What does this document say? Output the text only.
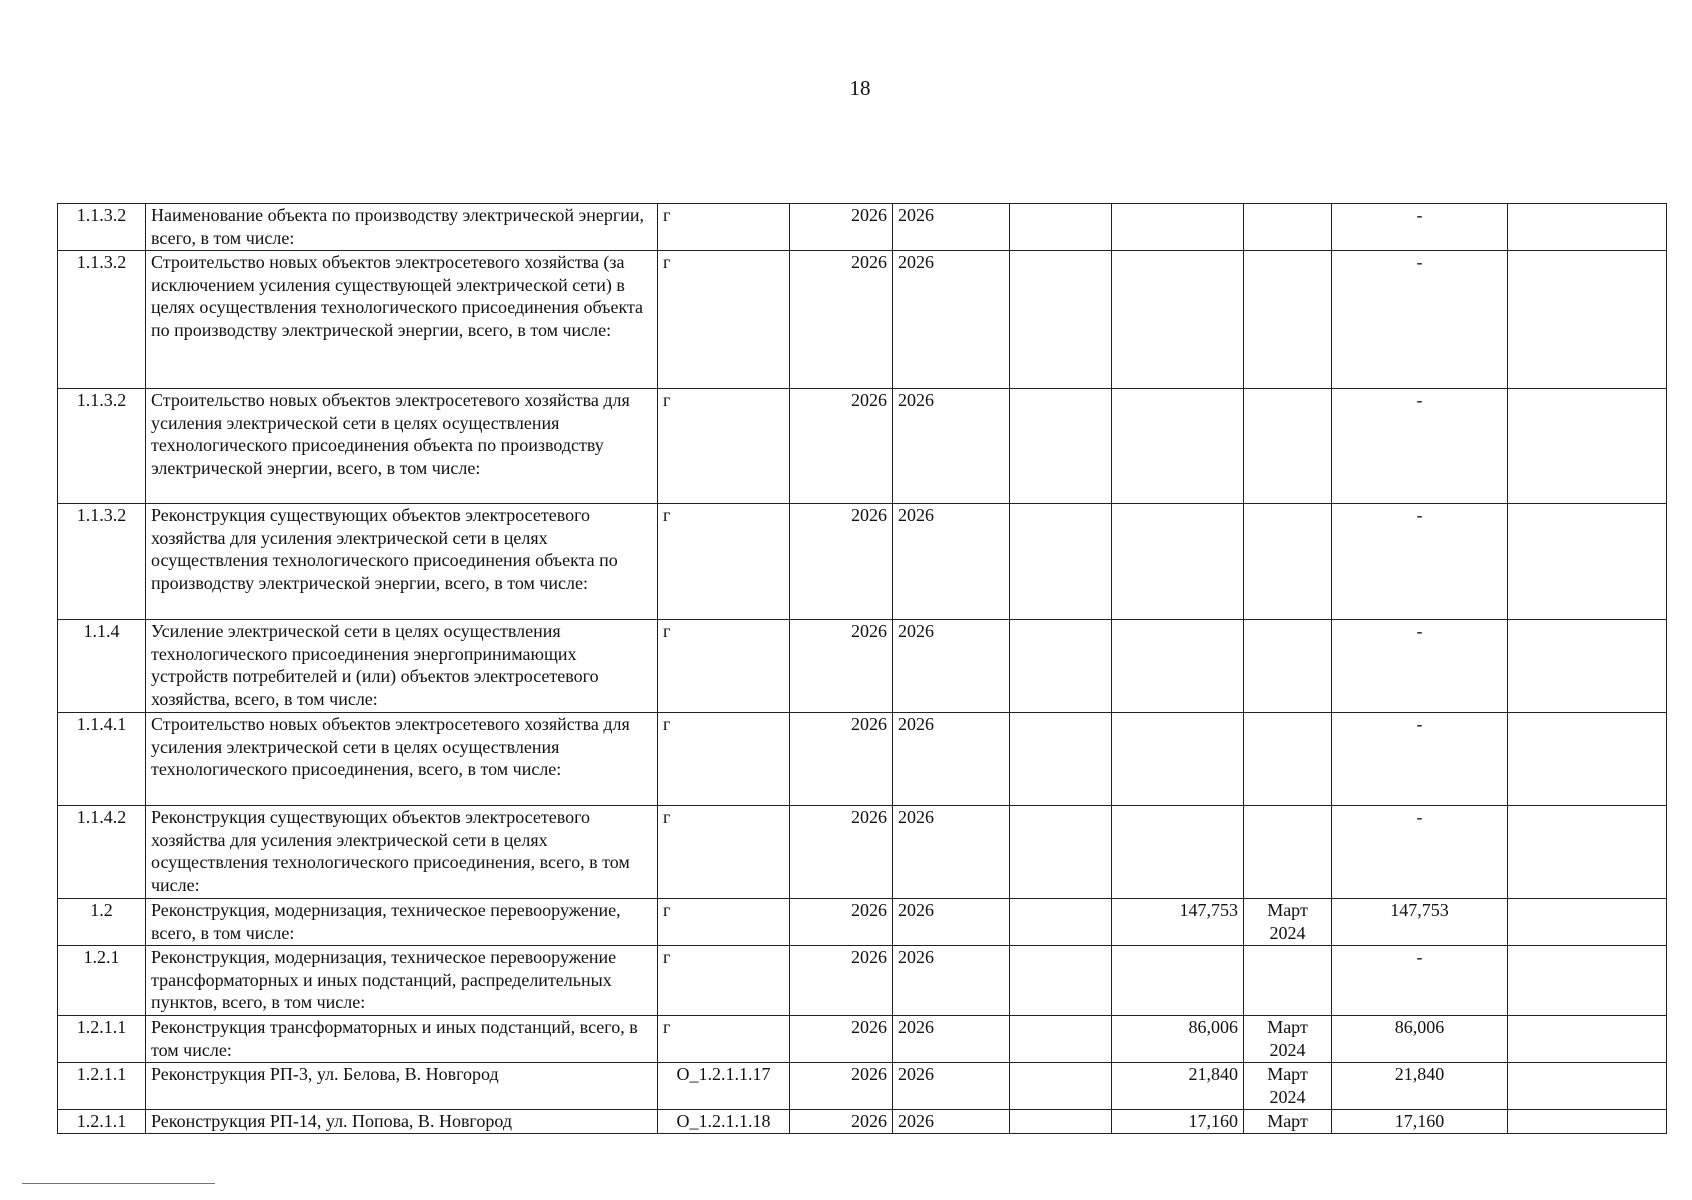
18
1.1.3.2	Наименование объекта по производству электрической энергии, всего, в том числе:	г	2026	2026				-	
1.1.3.2	Строительство новых объектов электросетевого хозяйства (за исключением усиления существующей электрической сети) в целях осуществления технологического присоединения объекта по производству электрической энергии, всего, в том числе:	г	2026	2026				-	
1.1.3.2	Строительство новых объектов электросетевого хозяйства для усиления электрической сети в целях осуществления технологического присоединения объекта по производству электрической энергии, всего, в том числе:	г	2026	2026				-	
1.1.3.2	Реконструкция существующих объектов электросетевого хозяйства для усиления электрической сети в целях осуществления технологического присоединения объекта по производству электрической энергии, всего, в том числе:	г	2026	2026				-	
1.1.4	Усиление электрической сети в целях осуществления технологического присоединения энергопринимающих устройств потребителей и (или) объектов электросетевого хозяйства, всего, в том числе:	г	2026	2026				-	
1.1.4.1	Строительство новых объектов электросетевого хозяйства для усиления электрической сети в целях осуществления технологического присоединения, всего, в том числе:	г	2026	2026				-	
1.1.4.2	Реконструкция существующих объектов электросетевого хозяйства для усиления электрической сети в целях осуществления технологического присоединения, всего, в том числе:	г	2026	2026				-	
1.2	Реконструкция, модернизация, техническое перевооружение, всего, в том числе:	г	2026	2026		147,753	Март 2024	147,753	
1.2.1	Реконструкция, модернизация, техническое перевооружение трансформаторных и иных подстанций, распределительных пунктов, всего, в том числе:	г	2026	2026				-	
1.2.1.1	Реконструкция трансформаторных и иных подстанций, всего, в том числе:	г	2026	2026		86,006	Март 2024	86,006	
1.2.1.1	Реконструкция РП-3, ул. Белова, В. Новгород	O_1.2.1.1.17	2026	2026		21,840	Март 2024	21,840	
1.2.1.1	Реконструкция РП-14, ул. Попова, В. Новгород	O_1.2.1.1.18	2026	2026		17,160	Март	17,160	
